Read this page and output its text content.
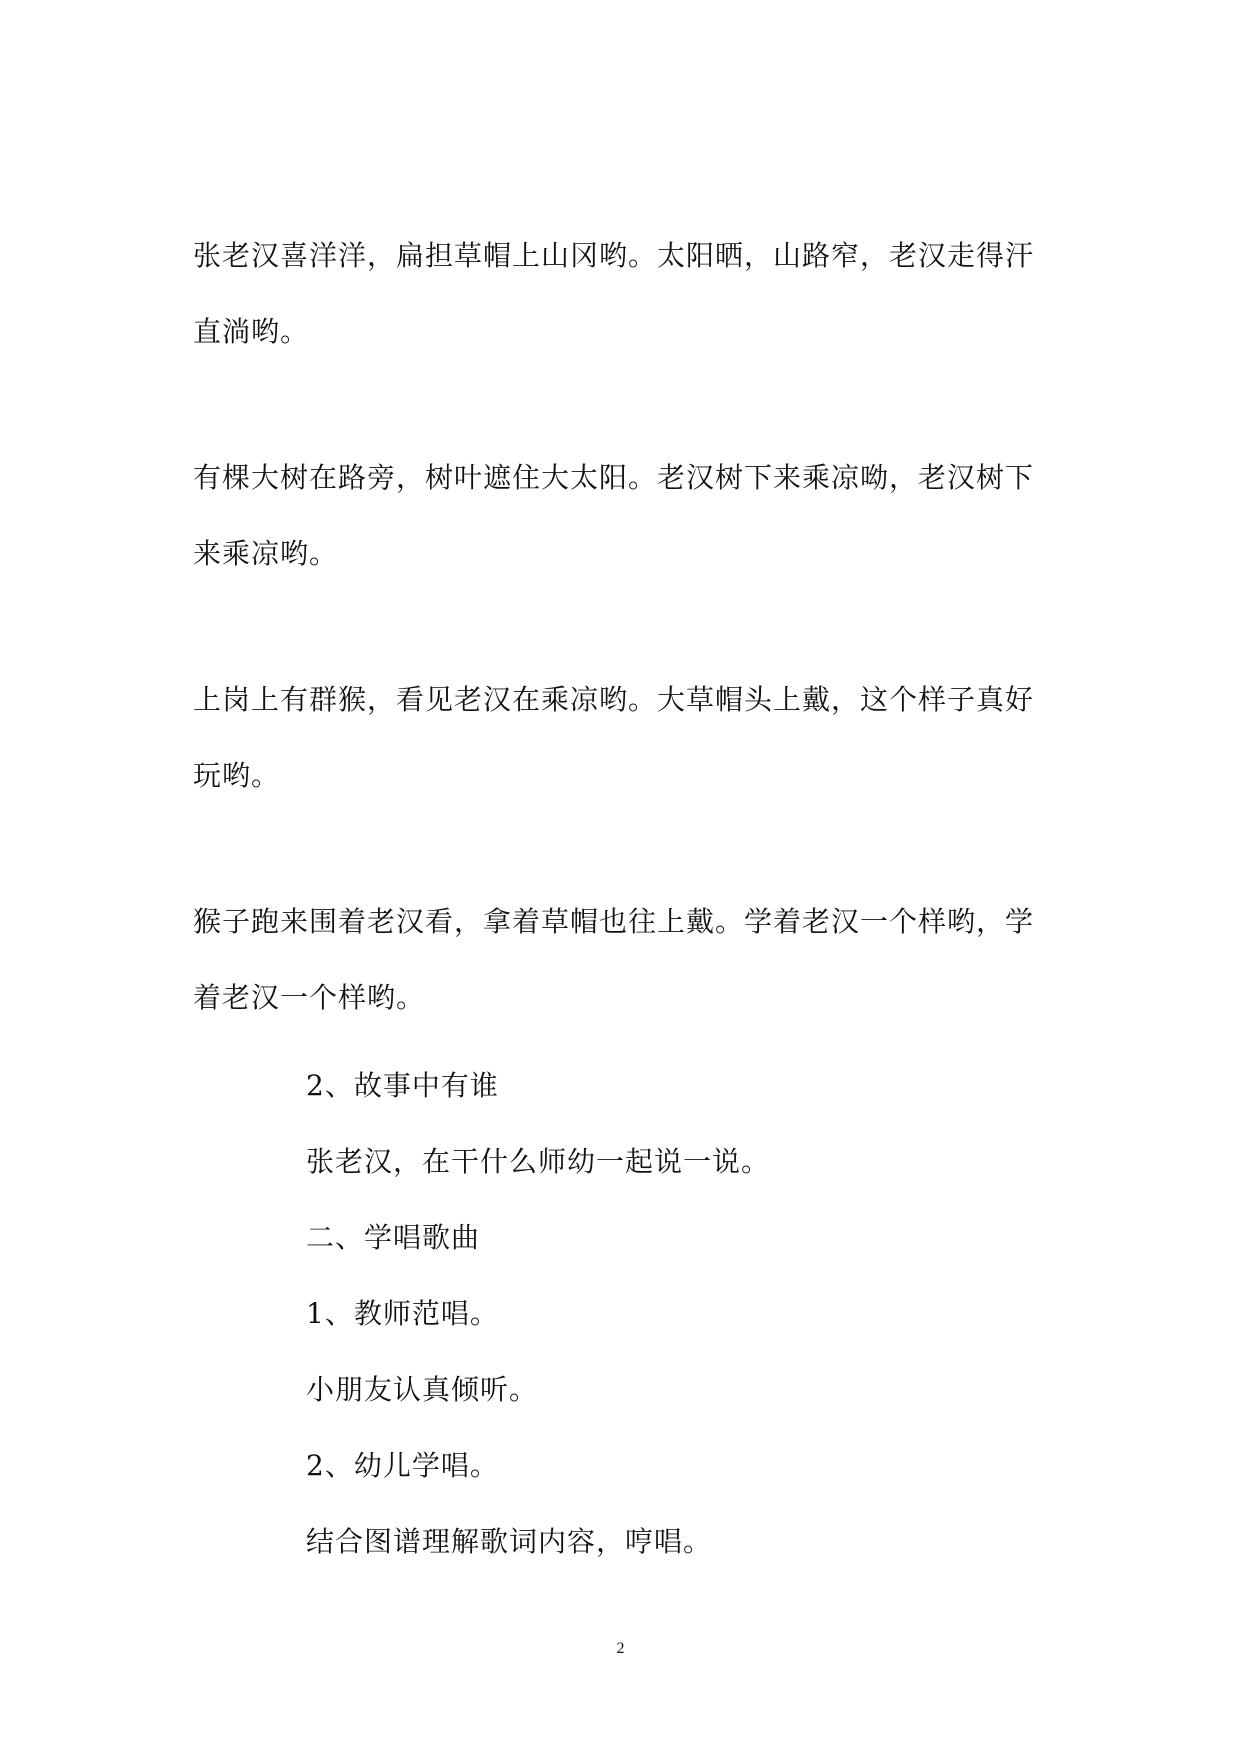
张老汉喜洋洋，扁担草帽上山冈哟。太阳晒，山路窄，老汉走得汗
直淌哟。

有棵大树在路旁，树叶遮住大太阳。老汉树下来乘凉呦，老汉树下
来乘凉哟。

上岗上有群猴，看见老汉在乘凉哟。大草帽头上戴，这个样子真好
玩哟。

猴子跑来围着老汉看，拿着草帽也往上戴。学着老汉一个样哟，学
着老汉一个样哟。

2、故事中有谁

张老汉，在干什么师幼一起说一说。

二、学唱歌曲

1、教师范唱。

小朋友认真倾听。

2、幼儿学唱。

结合图谱理解歌词内容，哼唱。

2
